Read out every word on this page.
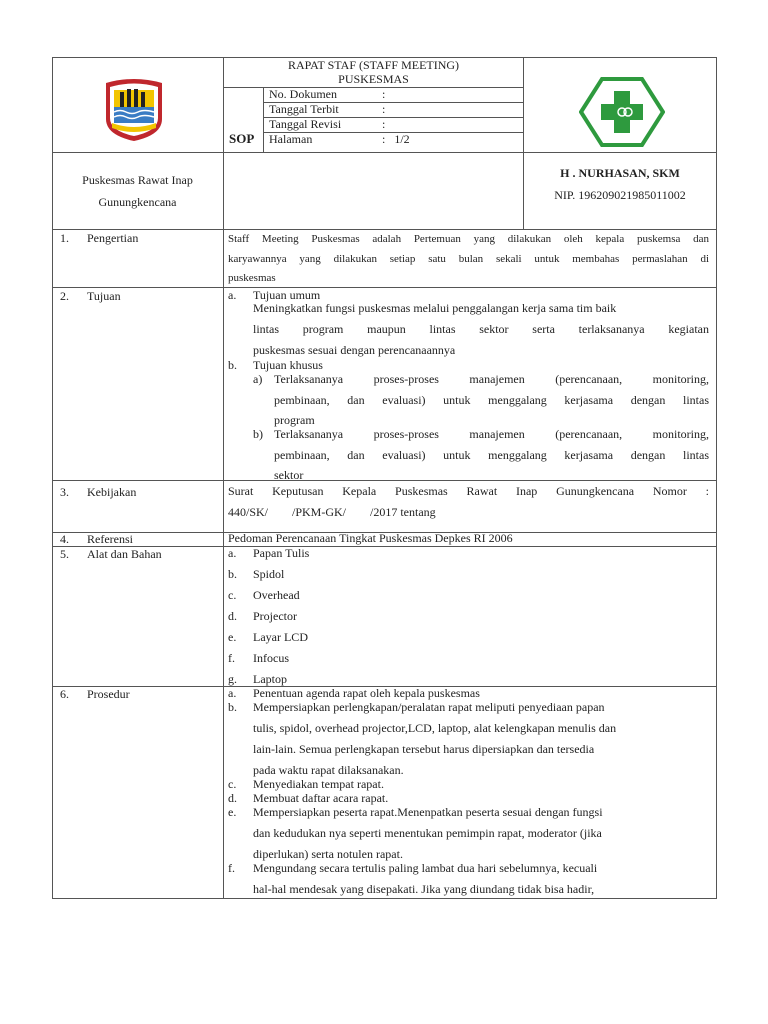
RAPAT STAF (STAFF MEETING)
PUSKESMAS
SOP
No. Dokumen	:
Tanggal Terbit	:
Tanggal Revisi	:
Halaman	:   1/2
Puskesmas Rawat Inap
Gunungkencana
H . NURHASAN, SKM
NIP. 196209021985011002
1. Pengertian	Staff Meeting Puskesmas adalah Pertemuan yang dilakukan oleh kepala puskemsa dan
karyawannya yang dilakukan setiap satu bulan sekali untuk membahas permaslahan di
puskesmas
2. Tujuan	a. Tujuan umum
Meningkatkan fungsi puskesmas melalui penggalangan kerja sama tim baik
lintas program maupun lintas sektor serta terlaksananya kegiatan
puskesmas sesuai dengan perencanaannya
b. Tujuan khusus
a) Terlaksananya proses-proses manajemen (perencanaan, monitoring,
pembinaan, dan evaluasi) untuk menggalang kerjasama dengan lintas
program
b) Terlaksananya proses-proses manajemen (perencanaan, monitoring,
pembinaan, dan evaluasi) untuk menggalang kerjasama dengan lintas
sektor
3. Kebijakan	Surat Keputusan Kepala Puskesmas Rawat Inap Gunungkencana Nomor :
440/SK/        /PKM-GK/        /2017 tentang
4. Referensi	Pedoman Perencanaan Tingkat Puskesmas Depkes RI 2006
5. Alat dan Bahan	a. Papan Tulis
b. Spidol
c. Overhead
d. Projector
e. Layar LCD
f. Infocus
g. Laptop
6. Prosedur	a. Penentuan agenda rapat oleh kepala puskesmas
b. Mempersiapkan perlengkapan/peralatan rapat meliputi penyediaan papan
tulis, spidol, overhead projector,LCD, laptop, alat kelengkapan menulis dan
lain-lain. Semua perlengkapan tersebut harus dipersiapkan dan tersedia
pada waktu rapat dilaksanakan.
c. Menyediakan tempat rapat.
d. Membuat daftar acara rapat.
e. Mempersiapkan peserta rapat.Menenpatkan peserta sesuai dengan fungsi
dan kedudukan nya seperti menentukan pemimpin rapat, moderator (jika
diperlukan) serta notulen rapat.
f. Mengundang secara tertulis paling lambat dua hari sebelumnya, kecuali
hal-hal mendesak yang disepakati. Jika yang diundang tidak bisa hadir,
